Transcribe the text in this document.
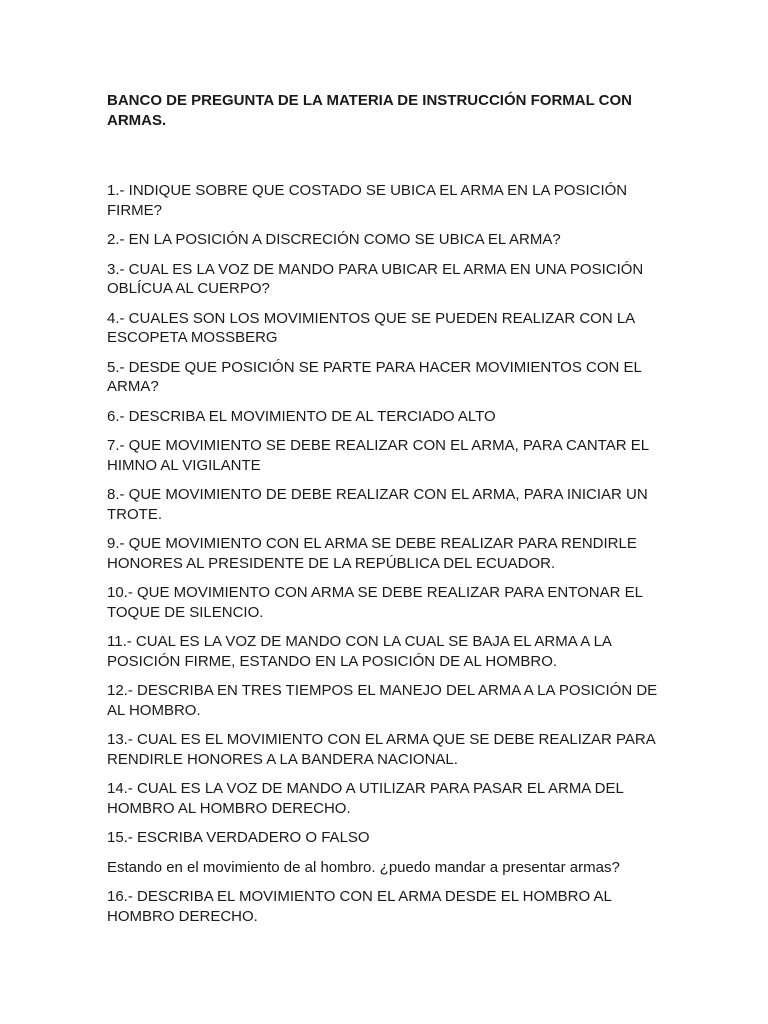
BANCO DE PREGUNTA DE LA MATERIA DE INSTRUCCIÓN FORMAL CON ARMAS.

1.- INDIQUE SOBRE QUE COSTADO SE UBICA EL ARMA EN LA POSICIÓN FIRME?

2.- EN LA POSICIÓN A DISCRECIÓN COMO SE UBICA EL ARMA?

3.- CUAL ES LA VOZ DE MANDO PARA UBICAR EL ARMA EN UNA POSICIÓN OBLÍCUA AL CUERPO?

4.- CUALES SON LOS MOVIMIENTOS QUE SE PUEDEN REALIZAR CON LA ESCOPETA MOSSBERG

5.- DESDE QUE POSICIÓN SE PARTE PARA HACER MOVIMIENTOS CON EL ARMA?

6.- DESCRIBA EL MOVIMIENTO DE AL TERCIADO ALTO

7.- QUE MOVIMIENTO SE DEBE REALIZAR CON EL ARMA, PARA CANTAR EL HIMNO AL VIGILANTE

8.- QUE MOVIMIENTO DE DEBE REALIZAR CON EL ARMA, PARA INICIAR UN TROTE.

9.- QUE MOVIMIENTO CON EL ARMA SE DEBE REALIZAR PARA RENDIRLE HONORES AL PRESIDENTE DE LA REPÚBLICA DEL ECUADOR.

10.- QUE MOVIMIENTO CON ARMA SE DEBE REALIZAR PARA ENTONAR EL TOQUE DE SILENCIO.

11.- CUAL ES LA VOZ DE MANDO CON LA CUAL SE BAJA EL ARMA A LA POSICIÓN FIRME, ESTANDO EN LA POSICIÓN DE AL HOMBRO.

12.- DESCRIBA EN TRES TIEMPOS EL MANEJO DEL ARMA A LA POSICIÓN DE AL HOMBRO.

13.- CUAL ES EL MOVIMIENTO CON EL ARMA QUE SE DEBE REALIZAR PARA RENDIRLE HONORES A LA BANDERA NACIONAL.

14.- CUAL ES LA VOZ DE MANDO A UTILIZAR PARA PASAR EL ARMA DEL HOMBRO AL HOMBRO DERECHO.

15.- ESCRIBA VERDADERO O FALSO

Estando en el movimiento de al hombro. ¿puedo mandar a presentar armas?

16.- DESCRIBA EL MOVIMIENTO CON EL ARMA DESDE EL HOMBRO AL HOMBRO DERECHO.
